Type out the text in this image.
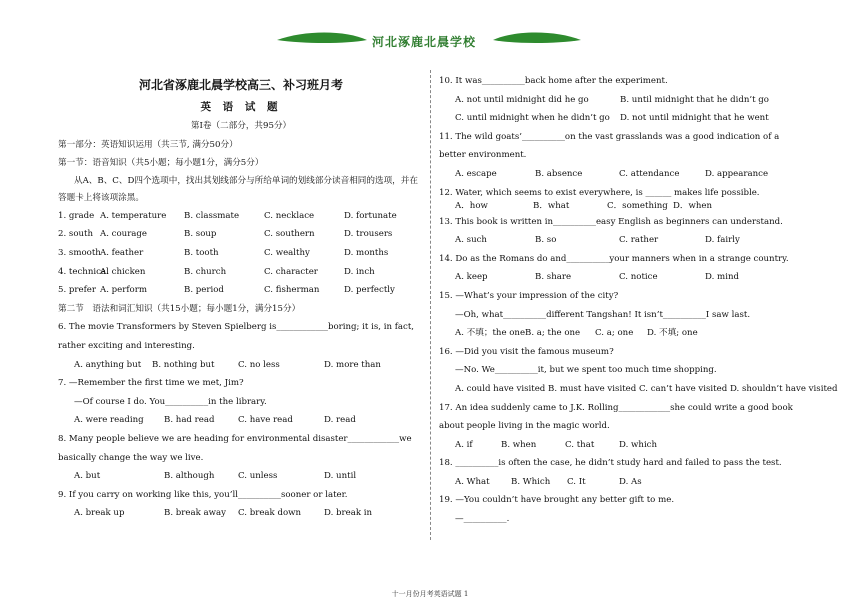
河北涿鹿北晨学校
河北省涿鹿北晨学校高三、补习班月考
英 语 试 题
第Ⅰ卷（二部分，共95分）
第一部分：英语知识运用（共三节, 满分50分）
第一节：语音知识（共5小题；每小题1分，满分5分）
从A、B、C、D四个选项中，找出其划线部分与所给单词的划线部分读音相同的选项，并在答题卡上将该项涂黑。
1. grade A. temperature	B. classmate	C. necklace	D. fortunate
2. south A. courage	B. soup	C. southern	D. trousers
3. smooth A. feather	B. tooth	C. wealthy	D. months
4. technical
A. chicken	B. church	C. character	D. inch
5. prefer A. perform	B. period	C. fisherman	D. perfectly
第二节　语法和词汇知识（共15小题；每小题1分，满分15分）
6. The movie Transformers by Steven Spielberg is____________boring; it is, in fact, rather exciting and interesting.
A. anything but	B. nothing but	C. no less	D. more than
7. —Remember the first time we met, Jim?
—Of course I do. You__________in the library.
A. were reading	B. had read	C. have read	D. read
8. Many people believe we are heading for environmental disaster____________we basically change the way we live.
A. but	B. although	C. unless	D. until
9. If you carry on working like this, you’ll__________sooner or later.
A. break up	B. break away	C. break down	D. break in
10. It was__________back home after the experiment.
A. not until midnight did he go	B. until midnight that he didn’t go
C. until midnight when he didn’t go	D. not until midnight that he went
11. The wild goats’__________on the vast grasslands was a good indication of a better environment.
A. escape	B. absence	C. attendance	D. appearance
12. Water, which seems to exist everywhere, is ______ makes life possible.
A．how	B．what	C．something D．when
13. This book is written in__________easy English as beginners can understand.
A. such	B. so	C. rather	D. fairly
14. Do as the Romans do and__________your manners when in a strange country.
A. keep	B. share	C. notice	D. mind
15. —What’s your impression of the city?
—Oh, what__________different Tangshan! It isn’t__________I saw last.
A. 不填；the one B. a; the one	C. a; one	D. 不填; one
16. —Did you visit the famous museum?
—No. We__________it, but we spent too much time shopping.
A. could have visited B. must have visited C. can’t have visited D. shouldn’t have visited
17. An idea suddenly came to J.K. Rolling____________she could write a good book about people living in the magic world.
A. if	B. when	C. that	D. which
18. __________is often the case, he didn’t study hard and failed to pass the test.
A. What	B. Which	C. It	D. As
19. —You couldn’t have brought any better gift to me.
—__________.
十一月份月考英语试题 1
